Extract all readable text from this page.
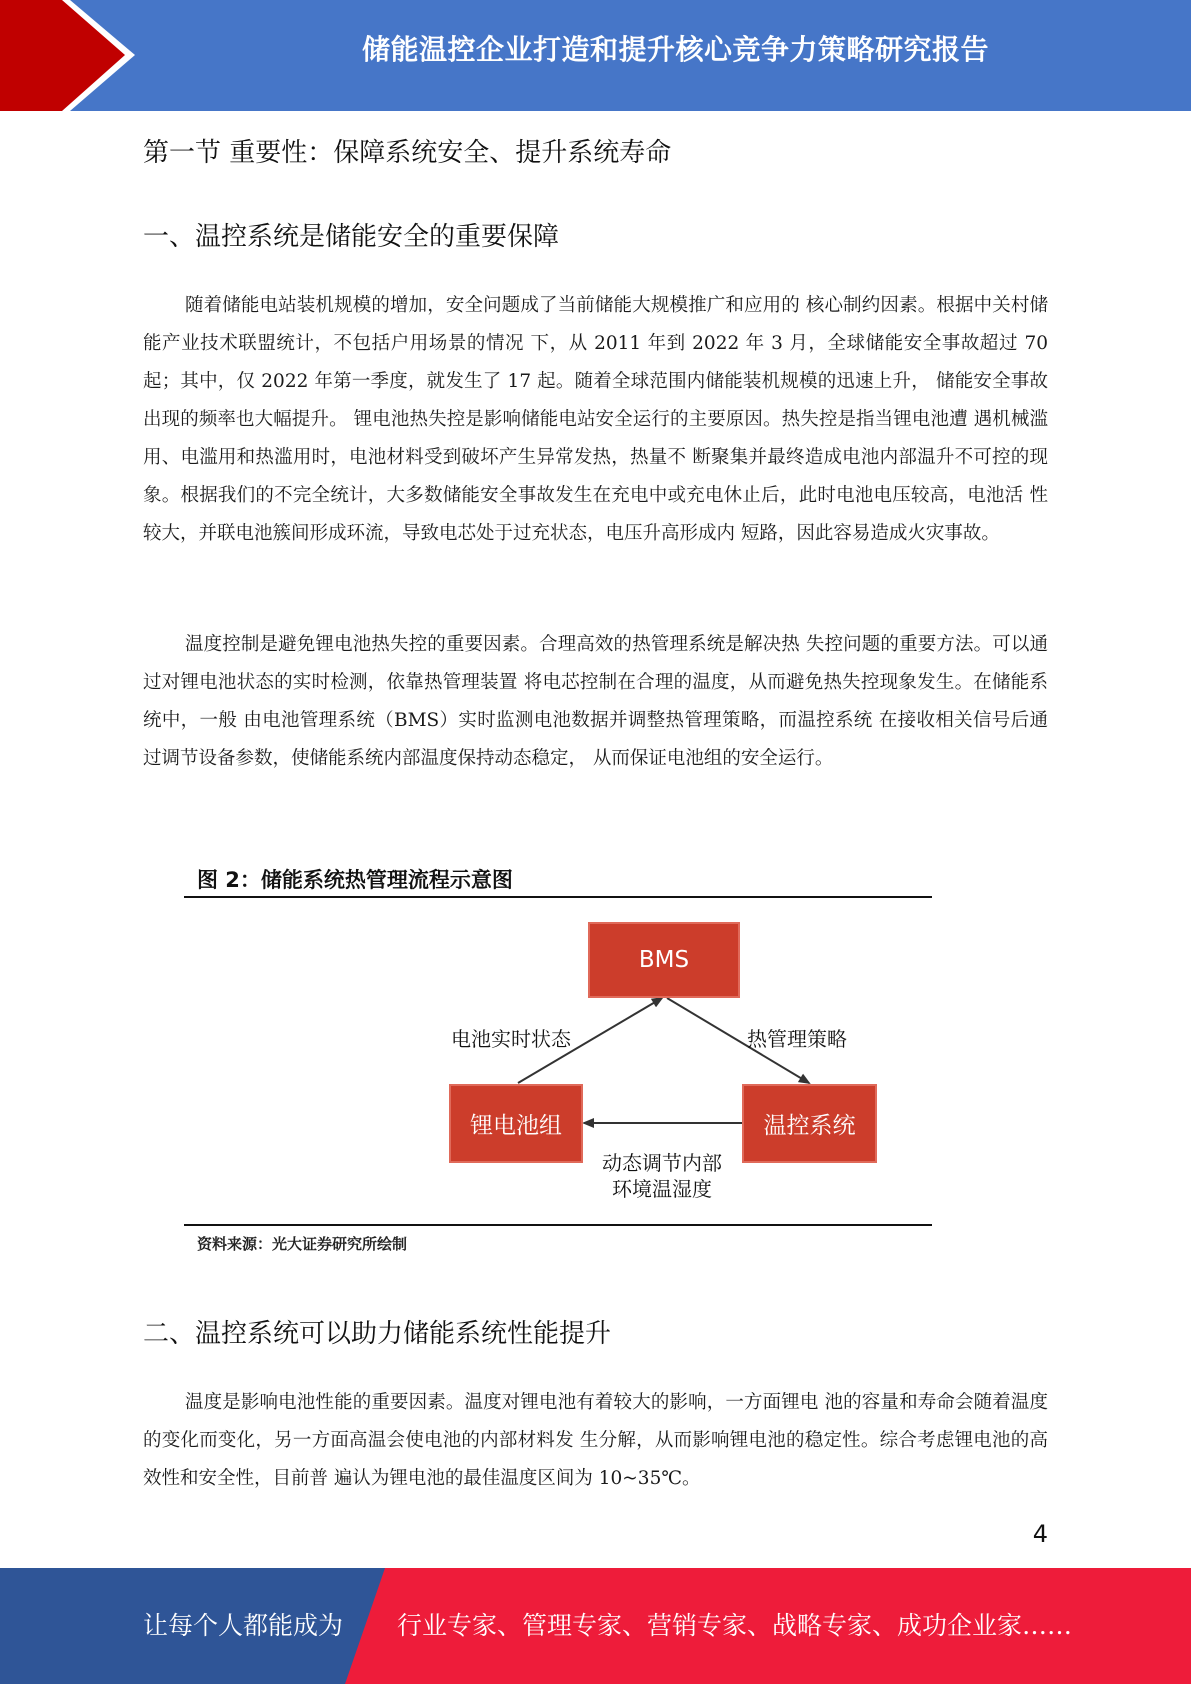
储能温控企业打造和提升核心竞争力策略研究报告
第一节 重要性：保障系统安全、提升系统寿命
一、温控系统是储能安全的重要保障
随着储能电站装机规模的增加，安全问题成了当前储能大规模推广和应用的 核心制约因素。根据中关村储能产业技术联盟统计，不包括户用场景的情况 下，从 2011 年到 2022 年 3 月，全球储能安全事故超过 70 起；其中，仅 2022 年第一季度，就发生了 17 起。随着全球范围内储能装机规模的迅速上升， 储能安全事故出现的频率也大幅提升。 锂电池热失控是影响储能电站安全运行的主要原因。热失控是指当锂电池遭 遇机械滥用、电滥用和热滥用时，电池材料受到破坏产生异常发热，热量不 断聚集并最终造成电池内部温升不可控的现象。根据我们的不完全统计，大多数储能安全事故发生在充电中或充电休止后，此时电池电压较高，电池活 性较大，并联电池簇间形成环流，导致电芯处于过充状态，电压升高形成内 短路，因此容易造成火灾事故。
温度控制是避免锂电池热失控的重要因素。合理高效的热管理系统是解决热 失控问题的重要方法。可以通过对锂电池状态的实时检测，依靠热管理装置 将电芯控制在合理的温度，从而避免热失控现象发生。在储能系统中，一般 由电池管理系统（BMS）实时监测电池数据并调整热管理策略，而温控系统 在接收相关信号后通过调节设备参数，使储能系统内部温度保持动态稳定， 从而保证电池组的安全运行。
图 2：储能系统热管理流程示意图
BMS
锂电池组	温控系统
电池实时状态	热管理策略
动态调节内部
环境温湿度
资料来源：光大证券研究所绘制
二、温控系统可以助力储能系统性能提升
温度是影响电池性能的重要因素。温度对锂电池有着较大的影响，一方面锂电 池的容量和寿命会随着温度的变化而变化，另一方面高温会使电池的内部材料发 生分解，从而影响锂电池的稳定性。综合考虑锂电池的高效性和安全性，目前普 遍认为锂电池的最佳温度区间为 10~35℃。
4
让每个人都能成为 行业专家、管理专家、营销专家、战略专家、成功企业家……
